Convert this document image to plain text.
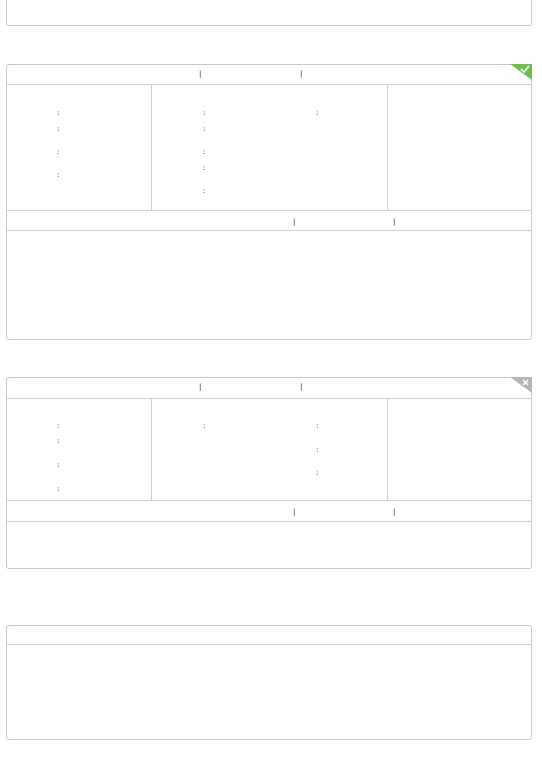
|	|
:
:
:
:
:
:
:
:
:
:
|	|
|	|
:
:
:
:
:	:
:
:
|	|
